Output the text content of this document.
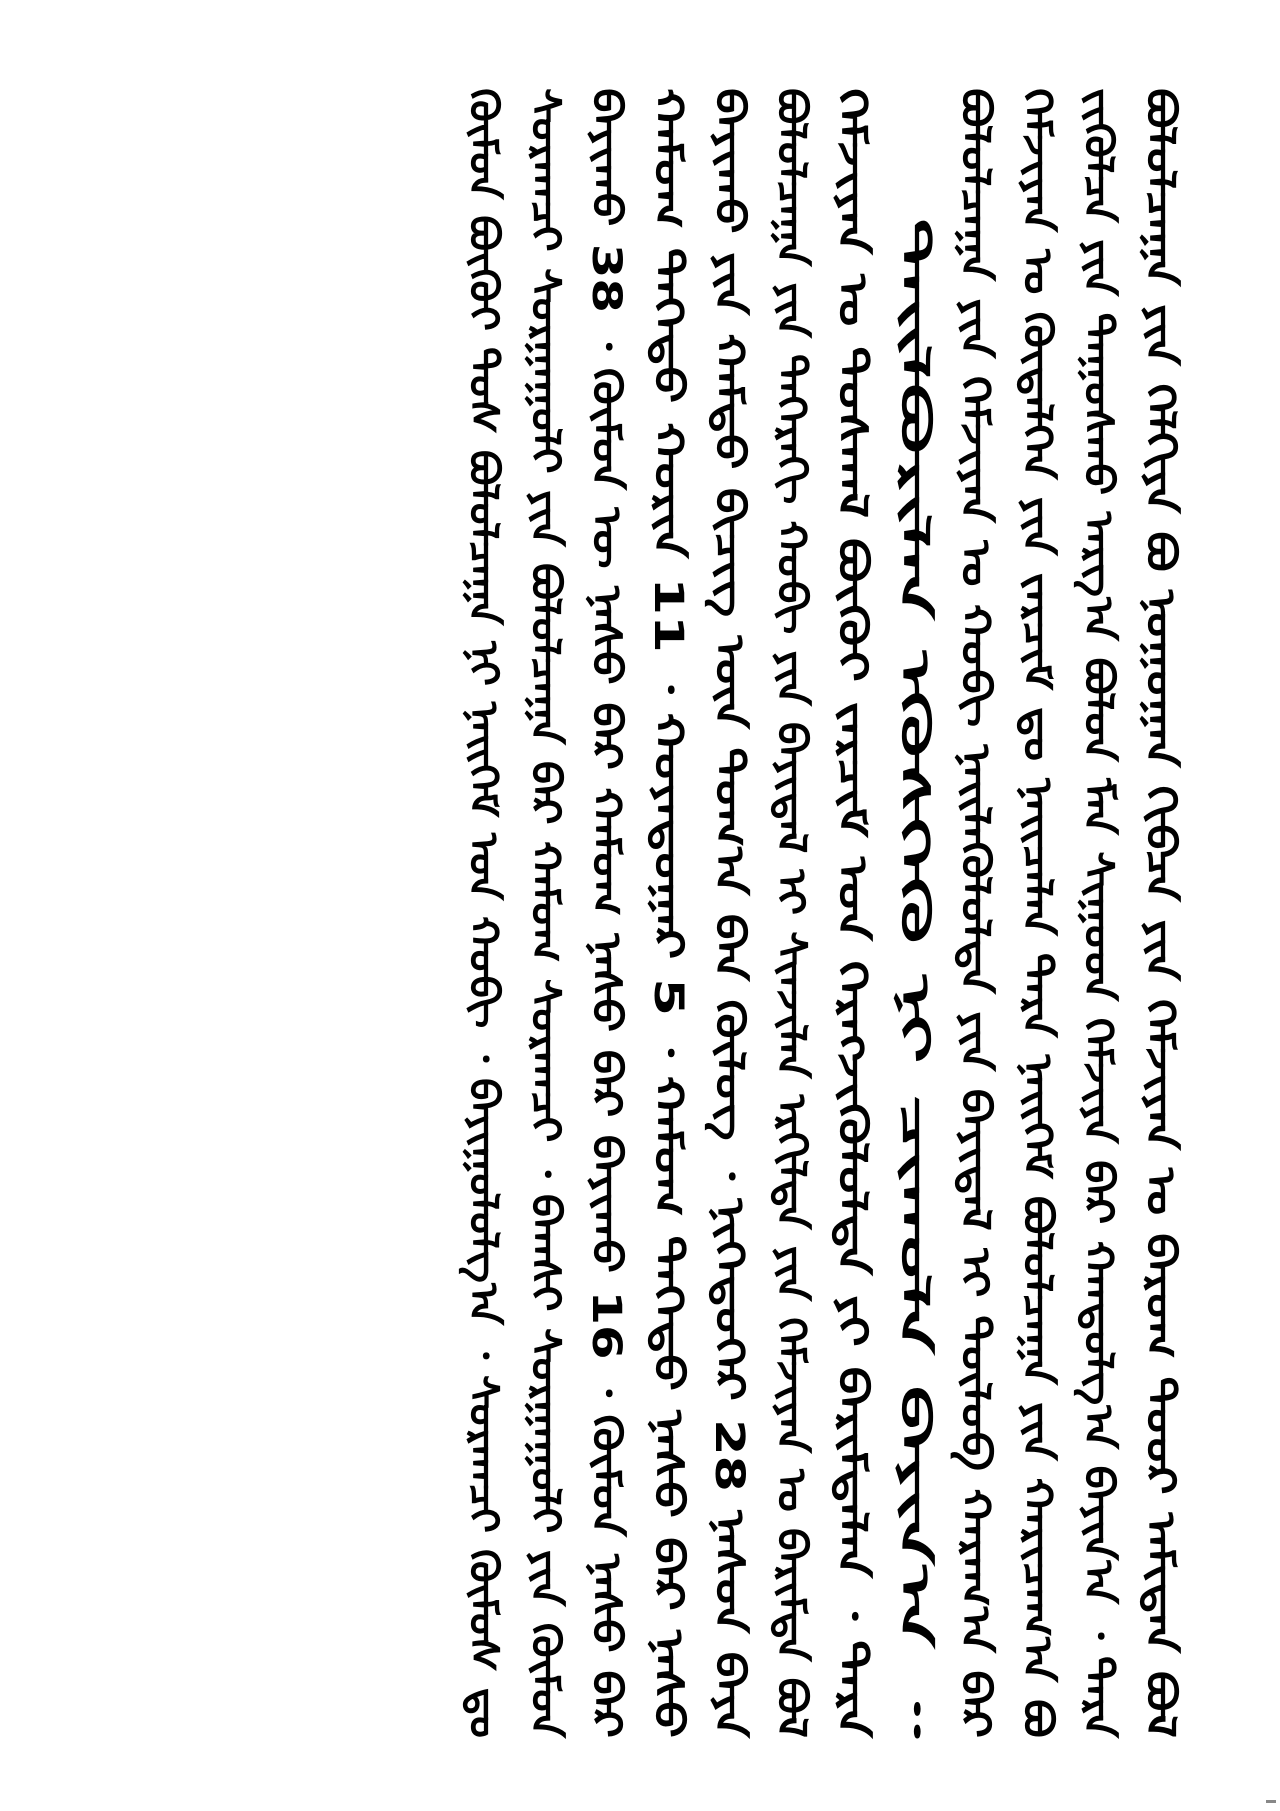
ᠪᠣᠯᠣᠯᠴᠠᠭᠠ ᠶᠢᠨ ᠬᠡᠯᠬᠢᠶᠡ ᠪᠤ ᠨᠤᠭᠤᠭᠠᠨ ᠬᠢᠪᠴᠡ ᠶᠢᠨ ᠬᠡᠮᠵᠢᠶᠡᠨ ᠤ ᠪᠠᠷᠤᠭ ᠳᠤᠤᠷ ᠠᠮᠢᠲᠠᠨ ᠪᠣᠯ
ᠵᠢᠭᠦᠯᠴᠡ ᠶᠢᠨ ᠳᠠᠭᠤᠰᠬᠤ ᠠᠷᠭ᠎ᠠ ᠪᠣᠯᠤᠨ ᠮᠡᠨ ᠰᠢᠭᠤᠳ ᠬᠡᠮᠵᠢᠶᠡ ᠪᠡᠷ ᠬᠠᠨᠳᠤᠯᠭ᠎ᠠ ᠪᠠᠶᠢᠨ᠎ᠠ ᠂ ᠲᠡᠷᠡ
ᠬᠡᠮᠵᠢᠶᠡᠨ ᠤ ᠬᠥᠳᠡᠯᠭᠡᠨ ᠶᠢᠨ ᠵᠠᠷᠴᠢᠮ ᠳᠤ ᠨᠡᠢᠴᠡᠯᠡᠨ ᠲᠡᠷᠡ ᠨᠡᠢᠭᠡᠮ ᠪᠣᠯᠣᠯᠴᠠᠭᠠ ᠶᠢᠨ ᠬᠠᠷᠢᠴᠠᠭ᠎ᠠ ᠪᠤ
ᠪᠣᠯᠣᠯᠴᠠᠭᠠ ᠶᠢᠨ ᠬᠡᠮᠵᠢᠶᠡᠨ ᠤ ᠬᠤᠪᠢ ᠨᠡᠢᠯᠡᠭᠦᠯᠦᠯᠲᠡ ᠶᠢᠨ ᠪᠠᠶᠢᠳᠠᠯ ᠢ ᠳᠦᠯᠦᠪ ᠬᠠᠷᠠᠭ᠎ᠠ ᠪᠡᠷ
ᠲᠠᠢᠯᠪᠤᠷᠢᠯᠠᠨ ᠡᠭᠦᠰᠬᠡᠬᠦ ᠨᠢ ᠴᠢᠬᠤᠯᠠ ᠪᠠᠶᠢᠨ᠎ᠠ ᠃
ᠬᠡᠮᠵᠢᠶᠡᠨ ᠤ ᠳᠤᠰᠬᠠᠯ ᠪᠦᠬᠦᠢ ᠵᠠᠷᠴᠢᠮ ᠤᠨ ᠬᠡᠷᠡᠭᠵᠢᠭᠦᠯᠦᠯᠲᠡ ᠶᠢ ᠪᠠᠷᠢᠮᠲᠠᠯᠠᠨ ᠂ ᠲᠡᠷᠡ
ᠪᠣᠯᠣᠯᠴᠠᠭᠠ ᠶᠢᠨ ᠳᠡᠭᠡᠷᠡᠬᠢ ᠬᠤᠪᠢ ᠶᠢᠨ ᠪᠠᠶᠢᠳᠠᠯ ᠢ ᠰᠢᠨᠵᠢᠯᠡᠨ ᠡᠷᠭᠢᠯᠳᠡ ᠶᠢᠨ ᠬᠡᠮᠵᠢᠶᠡᠨ ᠤ ᠪᠠᠷᠢᠮᠲᠠ ᠪᠣᠯ
ᠪᠠᠶᠢᠬᠤ ᠶᠢᠨ ᠬᠠᠮᠲᠤ ᠪᠢᠴᠢᠭ ᠦᠨ ᠲᠣᠭ᠎ᠠ ᠪᠡᠨ ᠬᠥᠯᠥᠭ ᠂ ᠨᠢᠭᠡᠳᠦᠭᠡᠷ 28 ᠨᠠᠰᠤᠨ ᠪᠡᠶᠡ
ᠬᠠᠮᠤᠭ ᠳᠡᠭᠡᠳᠦ ᠬᠣᠷᠢᠨ 11 ᠂ ᠬᠣᠶᠠᠳᠤᠭᠠᠷ 5 ᠂ ᠬᠠᠮᠤᠭ ᠳᠡᠭᠡᠳᠦ ᠨᠠᠰᠤ ᠪᠡᠷ ᠨᠠᠰᠤ
ᠪᠠᠶᠢᠬᠤ 38 ᠂ ᠬᠦᠮᠦᠨ ᠦ ᠨᠠᠰᠤ ᠪᠡᠷ ᠬᠠᠮᠤᠭ ᠨᠠᠰᠤ ᠪᠡᠷ ᠪᠠᠶᠢᠬᠤ 16 ᠂ ᠬᠦᠮᠦᠨ ᠨᠠᠰᠤ ᠪᠡᠷ
ᠰᠤᠷᠠᠭᠴᠢ ᠰᠤᠷᠭᠠᠭᠤᠯᠢ ᠶᠢᠨ ᠪᠣᠯᠣᠯᠴᠠᠭᠠ ᠪᠠᠷ ᠬᠠᠮᠤᠭ ᠰᠤᠷᠠᠭᠴᠢ ᠂ ᠪᠠᠭᠰᠢ ᠰᠤᠷᠭᠠᠭᠤᠯᠢ ᠶᠢᠨ ᠬᠦᠮᠦᠨ
ᠬᠦᠮᠦᠨ ᠪᠦᠬᠦᠢ ᠲᠤᠰ ᠪᠣᠯᠣᠯᠴᠠᠭᠠ ᠨᠢ ᠨᠡᠢᠭᠡᠮ ᠤᠨ ᠬᠤᠪᠢ ᠂ ᠪᠠᠶᠢᠭᠤᠯᠤᠯᠭ᠎ᠠ ᠂ ᠰᠤᠷᠠᠭᠴᠢ ᠬᠦᠮᠦᠰ ᠳᠤ
